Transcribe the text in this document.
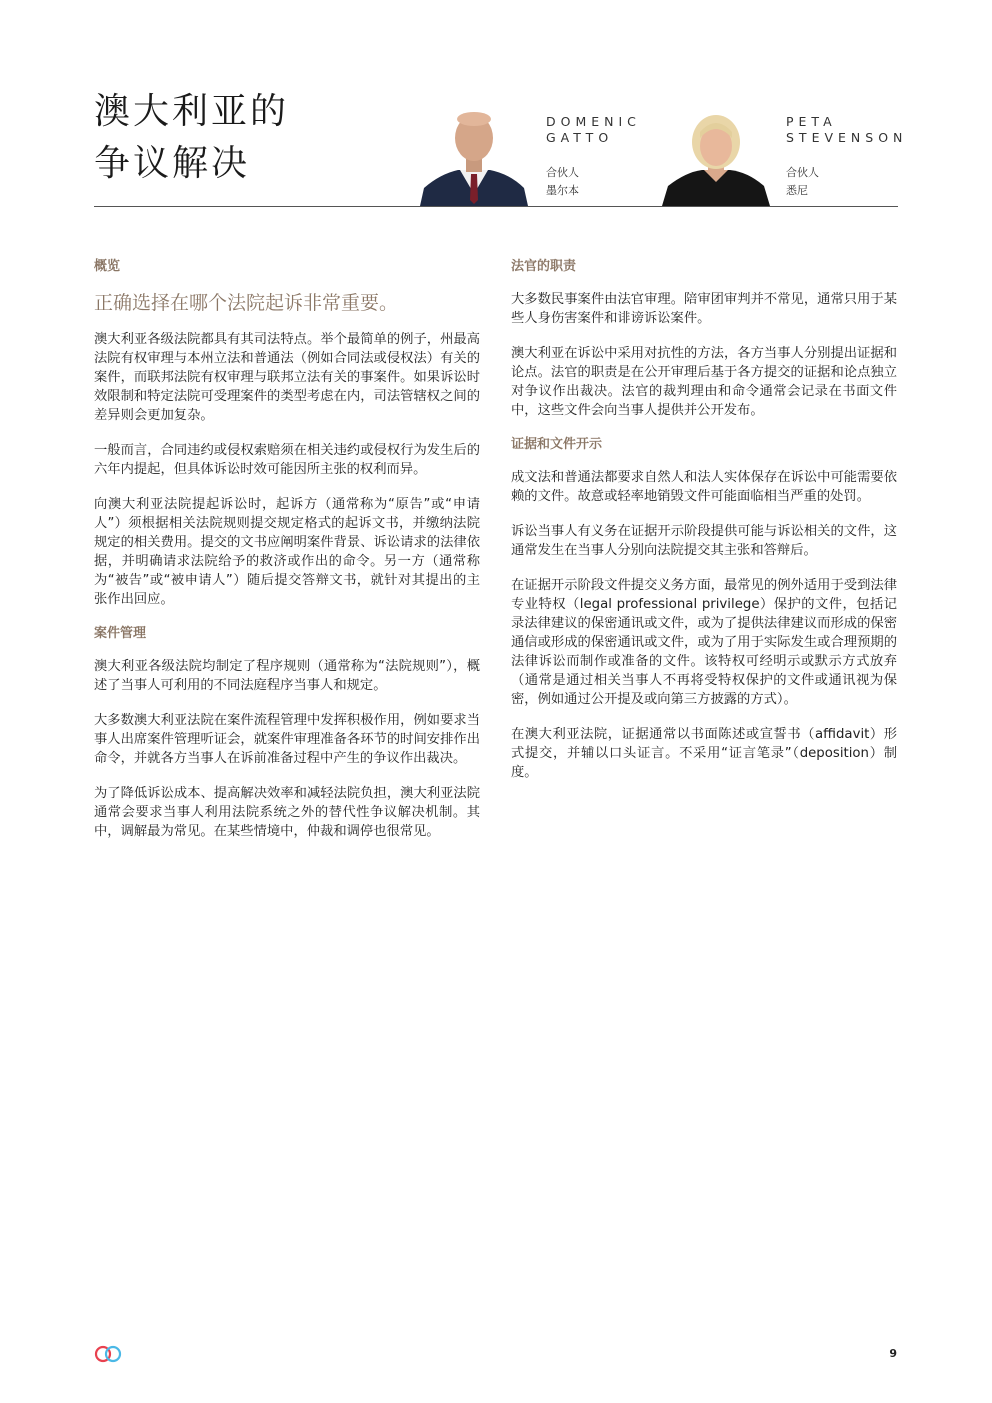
澳大利亚的
争议解决
DOMENIC
GATTO
合伙人
墨尔本
PETA
STEVENSON
合伙人
悉尼
概览

正确选择在哪个法院起诉非常重要。

澳大利亚各级法院都具有其司法特点。举个最简单的例子，州最高法院有权审理与本州立法和普通法（例如合同法或侵权法）有关的案件，而联邦法院有权审理与联邦立法有关的事案件。如果诉讼时效限制和特定法院可受理案件的类型考虑在内，司法管辖权之间的差异则会更加复杂。

一般而言，合同违约或侵权索赔须在相关违约或侵权行为发生后的六年内提起，但具体诉讼时效可能因所主张的权利而异。

向澳大利亚法院提起诉讼时，起诉方（通常称为“原告”或“申请人”）须根据相关法院规则提交规定格式的起诉文书，并缴纳法院规定的相关费用。提交的文书应阐明案件背景、诉讼请求的法律依据，并明确请求法院给予的救济或作出的命令。另一方（通常称为“被告”或“被申请人”）随后提交答辩文书，就针对其提出的主张作出回应。

案件管理

澳大利亚各级法院均制定了程序规则（通常称为“法院规则”），概述了当事人可利用的不同法庭程序当事人和规定。

大多数澳大利亚法院在案件流程管理中发挥积极作用，例如要求当事人出席案件管理听证会，就案件审理准备各环节的时间安排作出命令，并就各方当事人在诉前准备过程中产生的争议作出裁决。

为了降低诉讼成本、提高解决效率和减轻法院负担，澳大利亚法院通常会要求当事人利用法院系统之外的替代性争议解决机制。其中，调解最为常见。在某些情境中，仲裁和调停也很常见。

法官的职责

大多数民事案件由法官审理。陪审团审判并不常见，通常只用于某些人身伤害案件和诽谤诉讼案件。

澳大利亚在诉讼中采用对抗性的方法，各方当事人分别提出证据和论点。法官的职责是在公开审理后基于各方提交的证据和论点独立对争议作出裁决。法官的裁判理由和命令通常会记录在书面文件中，这些文件会向当事人提供并公开发布。

证据和文件开示

成文法和普通法都要求自然人和法人实体保存在诉讼中可能需要依赖的文件。故意或轻率地销毁文件可能面临相当严重的处罚。

诉讼当事人有义务在证据开示阶段提供可能与诉讼相关的文件，这通常发生在当事人分别向法院提交其主张和答辩后。

在证据开示阶段文件提交义务方面，最常见的例外适用于受到法律专业特权（legal professional privilege）保护的文件，包括记录法律建议的保密通讯或文件，或为了提供法律建议而形成的保密通信或形成的保密通讯或文件，或为了用于实际发生或合理预期的法律诉讼而制作或准备的文件。该特权可经明示或默示方式放弃（通常是通过相关当事人不再将受特权保护的文件或通讯视为保密，例如通过公开提及或向第三方披露的方式）。

在澳大利亚法院，证据通常以书面陈述或宣誓书（affidavit）形式提交，并辅以口头证言。不采用“证言笔录”（deposition）制度。

9
